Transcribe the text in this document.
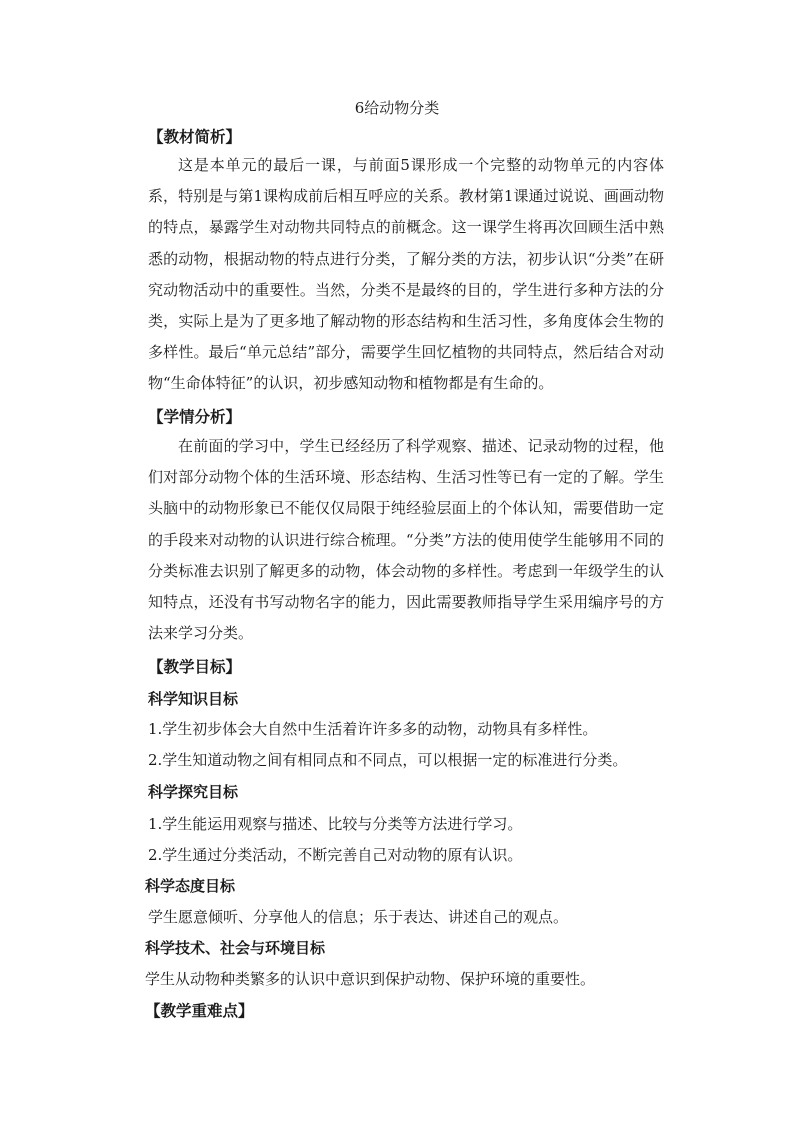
6给动物分类
【教材简析】

这是本单元的最后一课，与前面5课形成一个完整的动物单元的内容体系，特别是与第1课构成前后相互呼应的关系。教材第1课通过说说、画画动物的特点，暴露学生对动物共同特点的前概念。这一课学生将再次回顾生活中熟悉的动物，根据动物的特点进行分类，了解分类的方法，初步认识“分类”在研究动物活动中的重要性。当然，分类不是最终的目的，学生进行多种方法的分类，实际上是为了更多地了解动物的形态结构和生活习性，多角度体会生物的多样性。最后“单元总结”部分，需要学生回忆植物的共同特点，然后结合对动物“生命体特征”的认识，初步感知动物和植物都是有生命的。

【学情分析】

在前面的学习中，学生已经经历了科学观察、描述、记录动物的过程，他们对部分动物个体的生活环境、形态结构、生活习性等已有一定的了解。学生头脑中的动物形象已不能仅仅局限于纯经验层面上的个体认知，需要借助一定的手段来对动物的认识进行综合梳理。“分类”方法的使用使学生能够用不同的分类标准去识别了解更多的动物，体会动物的多样性。考虑到一年级学生的认知特点，还没有书写动物名字的能力，因此需要教师指导学生采用编序号的方法来学习分类。

【教学目标】
科学知识目标
1.学生初步体会大自然中生活着许许多多的动物，动物具有多样性。
2.学生知道动物之间有相同点和不同点，可以根据一定的标准进行分类。
科学探究目标
1.学生能运用观察与描述、比较与分类等方法进行学习。
2.学生通过分类活动，不断完善自己对动物的原有认识。
科学态度目标
学生愿意倾听、分享他人的信息；乐于表达、讲述自己的观点。
科学技术、社会与环境目标
学生从动物种类繁多的认识中意识到保护动物、保护环境的重要性。
【教学重难点】
